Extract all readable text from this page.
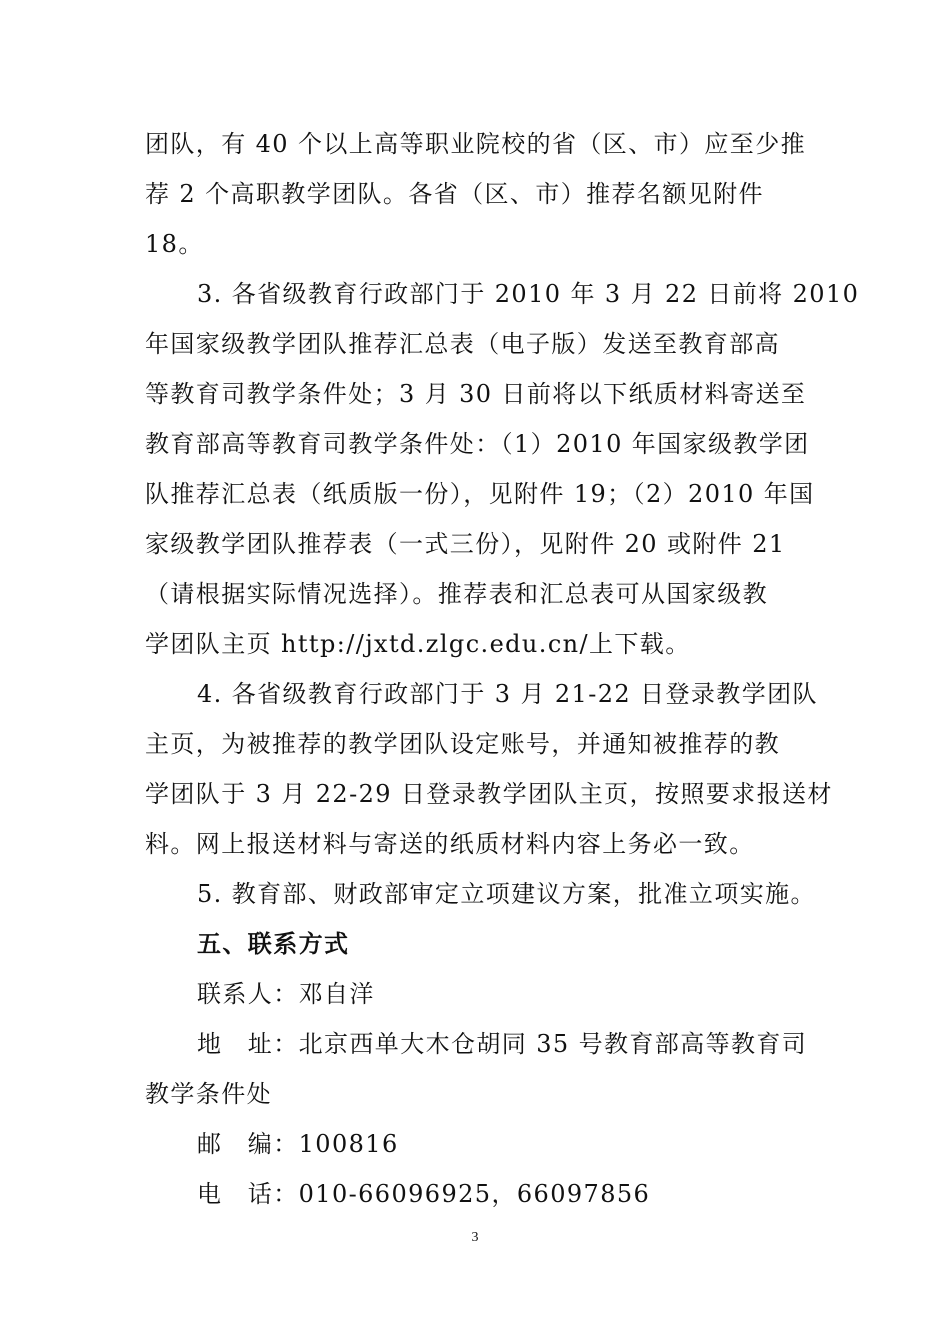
团队，有 40 个以上高等职业院校的省（区、市）应至少推
荐 2 个高职教学团队。各省（区、市）推荐名额见附件
18。
3. 各省级教育行政部门于 2010 年 3 月 22 日前将 2010
年国家级教学团队推荐汇总表（电子版）发送至教育部高
等教育司教学条件处；3 月 30 日前将以下纸质材料寄送至
教育部高等教育司教学条件处：（1）2010 年国家级教学团
队推荐汇总表（纸质版一份），见附件 19；（2）2010 年国
家级教学团队推荐表（一式三份），见附件 20 或附件 21
（请根据实际情况选择）。推荐表和汇总表可从国家级教
学团队主页 http://jxtd.zlgc.edu.cn/上下载。
4. 各省级教育行政部门于 3 月 21-22 日登录教学团队
主页，为被推荐的教学团队设定账号，并通知被推荐的教
学团队于 3 月 22-29 日登录教学团队主页，按照要求报送材
料。网上报送材料与寄送的纸质材料内容上务必一致。
5. 教育部、财政部审定立项建议方案，批准立项实施。
五、联系方式
联系人：邓自洋
地　址：北京西单大木仓胡同 35 号教育部高等教育司
教学条件处
邮　编：100816
电　话：010-66096925，66097856
3
